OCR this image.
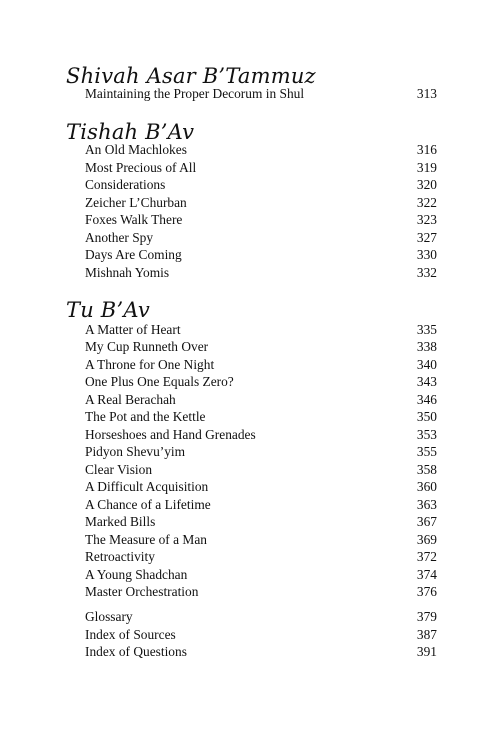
Shivah Asar B’Tammuz
Maintaining the Proper Decorum in Shul	313
Tishah B’Av
An Old Machlokes	316
Most Precious of All	319
Considerations	320
Zeicher L’Churban	322
Foxes Walk There	323
Another Spy	327
Days Are Coming	330
Mishnah Yomis	332
Tu B’Av
A Matter of Heart	335
My Cup Runneth Over	338
A Throne for One Night	340
One Plus One Equals Zero?	343
A Real Berachah	346
The Pot and the Kettle	350
Horseshoes and Hand Grenades	353
Pidyon Shevu’yim	355
Clear Vision	358
A Difficult Acquisition	360
A Chance of a Lifetime	363
Marked Bills	367
The Measure of a Man	369
Retroactivity	372
A Young Shadchan	374
Master Orchestration	376
Glossary	379
Index of Sources	387
Index of Questions	391
